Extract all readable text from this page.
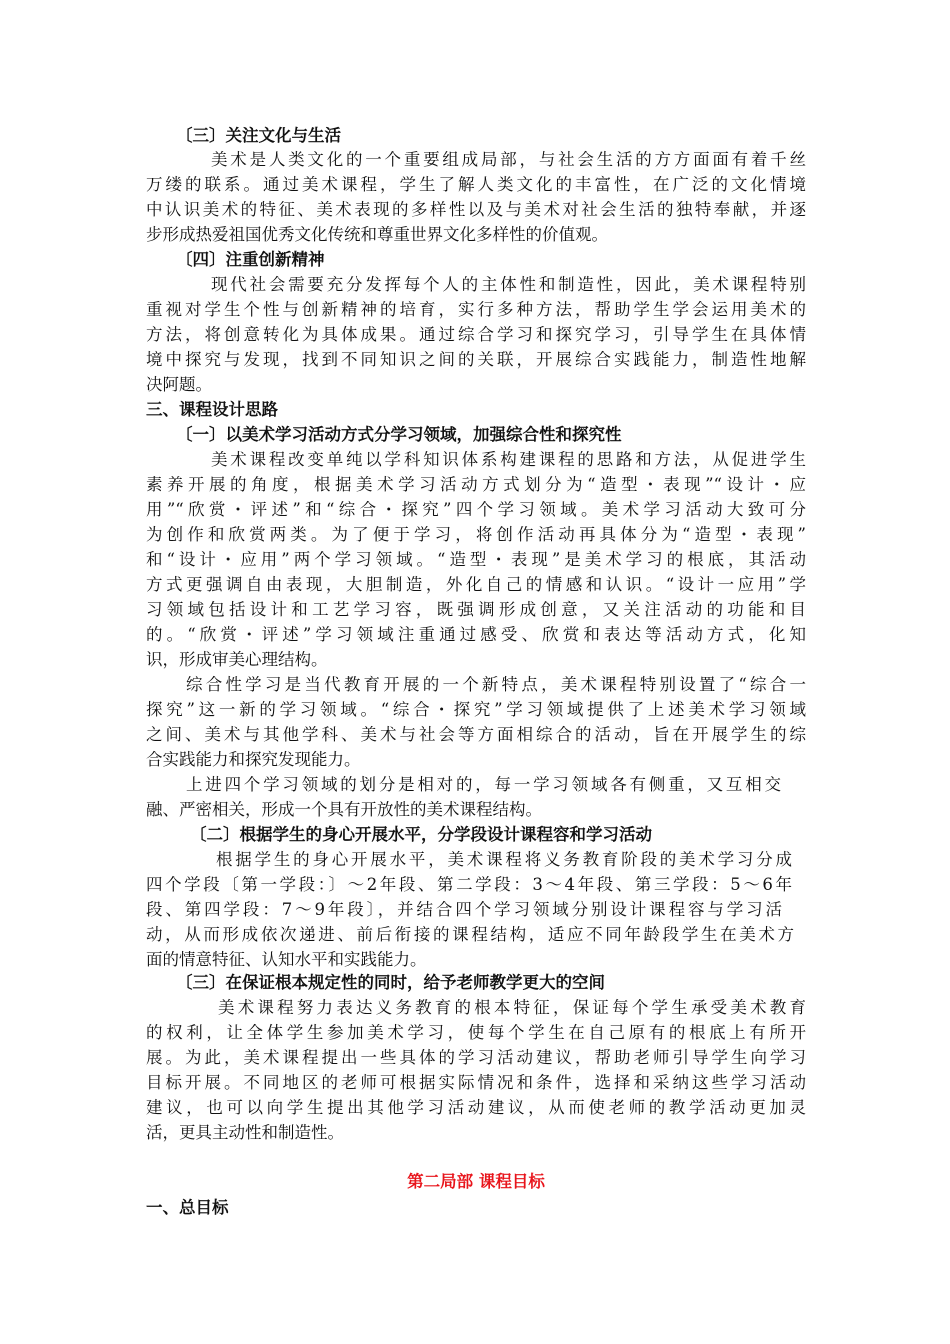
〔三〕关注文化与生活
美术是人类文化的一个重要组成局部，与社会生活的方方面面有着千丝
万缕的联系。通过美术课程，学生了解人类文化的丰富性，在广泛的文化情境
中认识美术的特征、美术表现的多样性以及与美术对社会生活的独特奉献，并逐
步形成热爱祖国优秀文化传统和尊重世界文化多样性的价值观。
〔四〕注重创新精神
现代社会需要充分发挥每个人的主体性和制造性，因此，美术课程特别
重视对学生个性与创新精神的培育，实行多种方法，帮助学生学会运用美术的
方法，将创意转化为具体成果。通过综合学习和探究学习，引导学生在具体情
境中探究与发现，找到不同知识之间的关联，开展综合实践能力，制造性地解
决阿题。
三、课程设计思路
〔一〕以美术学习活动方式分学习领域，加强综合性和探究性
美术课程改变单纯以学科知识体系构建课程的思路和方法，从促进学生
素养开展的角度，根据美术学习活动方式划分为“造型・表现”“设计・应
用”“欣赏・评述”和“综合・探究”四个学习领域。美术学习活动大致可分
为创作和欣赏两类。为了便于学习，将创作活动再具体分为“造型・表现”
和“设计・应用”两个学习领域。“造型・表现”是美术学习的根底，其活动
方式更强调自由表现，大胆制造，外化自己的情感和认识。“设计一应用”学
习领域包括设计和工艺学习容，既强调形成创意，又关注活动的功能和目
的。“欣赏・评述”学习领域注重通过感受、欣赏和表达等活动方式，化知
识，形成审美心理结构。
综合性学习是当代教育开展的一个新特点，美术课程特别设置了“综合一
探究”这一新的学习领域。“综合・探究”学习领域提供了上述美术学习领域
之间、美术与其他学科、美术与社会等方面相综合的活动，旨在开展学生的综
合实践能力和探究发现能力。
上进四个学习领域的划分是相对的，每一学习领域各有侧重，又互相交
融、严密相关，形成一个具有开放性的美术课程结构。
〔二〕根据学生的身心开展水平，分学段设计课程容和学习活动
根据学生的身心开展水平，美术课程将义务教育阶段的美术学习分成
四个学段〔第一学段：〕～2年段、第二学段：3～4年段、第三学段：5～6年
段、第四学段：7～9年段〕，并结合四个学习领域分别设计课程容与学习活
动，从而形成依次递进、前后衔接的课程结构，适应不同年龄段学生在美术方
面的情意特征、认知水平和实践能力。
〔三〕在保证根本规定性的同时，给予老师教学更大的空间
美术课程努力表达义务教育的根本特征，保证每个学生承受美术教育
的权利，让全体学生参加美术学习，使每个学生在自己原有的根底上有所开
展。为此，美术课程提出一些具体的学习活动建议，帮助老师引导学生向学习
目标开展。不同地区的老师可根据实际情况和条件，选择和采纳这些学习活动
建议，也可以向学生提出其他学习活动建议，从而使老师的教学活动更加灵
活，更具主动性和制造性。
第二局部 课程目标
一、总目标
